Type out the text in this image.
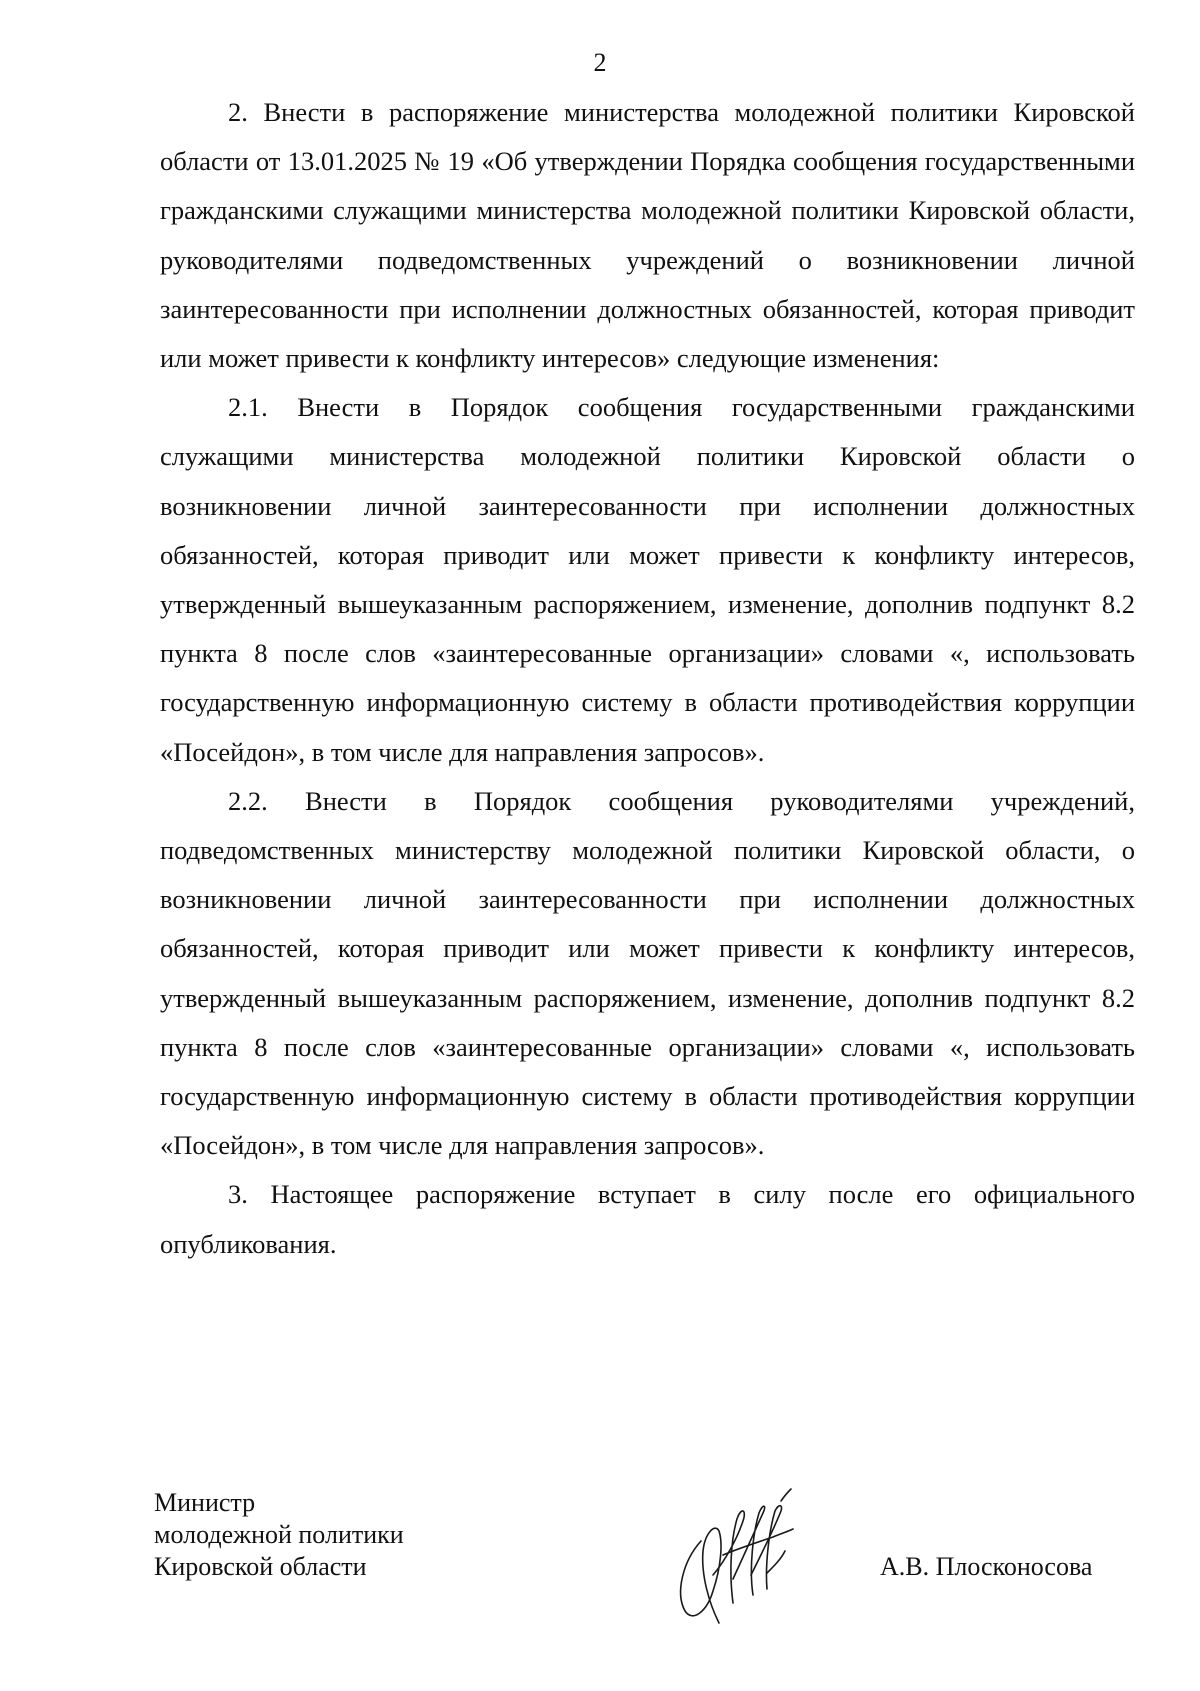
2

2. Внести в распоряжение министерства молодежной политики Кировской области от 13.01.2025 № 19 «Об утверждении Порядка сообщения государственными гражданскими служащими министерства молодежной политики Кировской области, руководителями подведомственных учреждений о возникновении личной заинтересованности при исполнении должностных обязанностей, которая приводит или может привести к конфликту интересов» следующие изменения:

2.1. Внести в Порядок сообщения государственными гражданскими служащими министерства молодежной политики Кировской области о возникновении личной заинтересованности при исполнении должностных обязанностей, которая приводит или может привести к конфликту интересов, утвержденный вышеуказанным распоряжением, изменение, дополнив подпункт 8.2 пункта 8 после слов «заинтересованные организации» словами «, использовать государственную информационную систему в области противодействия коррупции «Посейдон», в том числе для направления запросов».

2.2. Внести в Порядок сообщения руководителями учреждений, подведомственных министерству молодежной политики Кировской области, о возникновении личной заинтересованности при исполнении должностных обязанностей, которая приводит или может привести к конфликту интересов, утвержденный вышеуказанным распоряжением, изменение, дополнив подпункт 8.2 пункта 8 после слов «заинтересованные организации» словами «, использовать государственную информационную систему в области противодействия коррупции «Посейдон», в том числе для направления запросов».

3. Настоящее распоряжение вступает в силу после его официального опубликования.

Министр
молодежной политики
Кировской области	А.В. Плосконосова
